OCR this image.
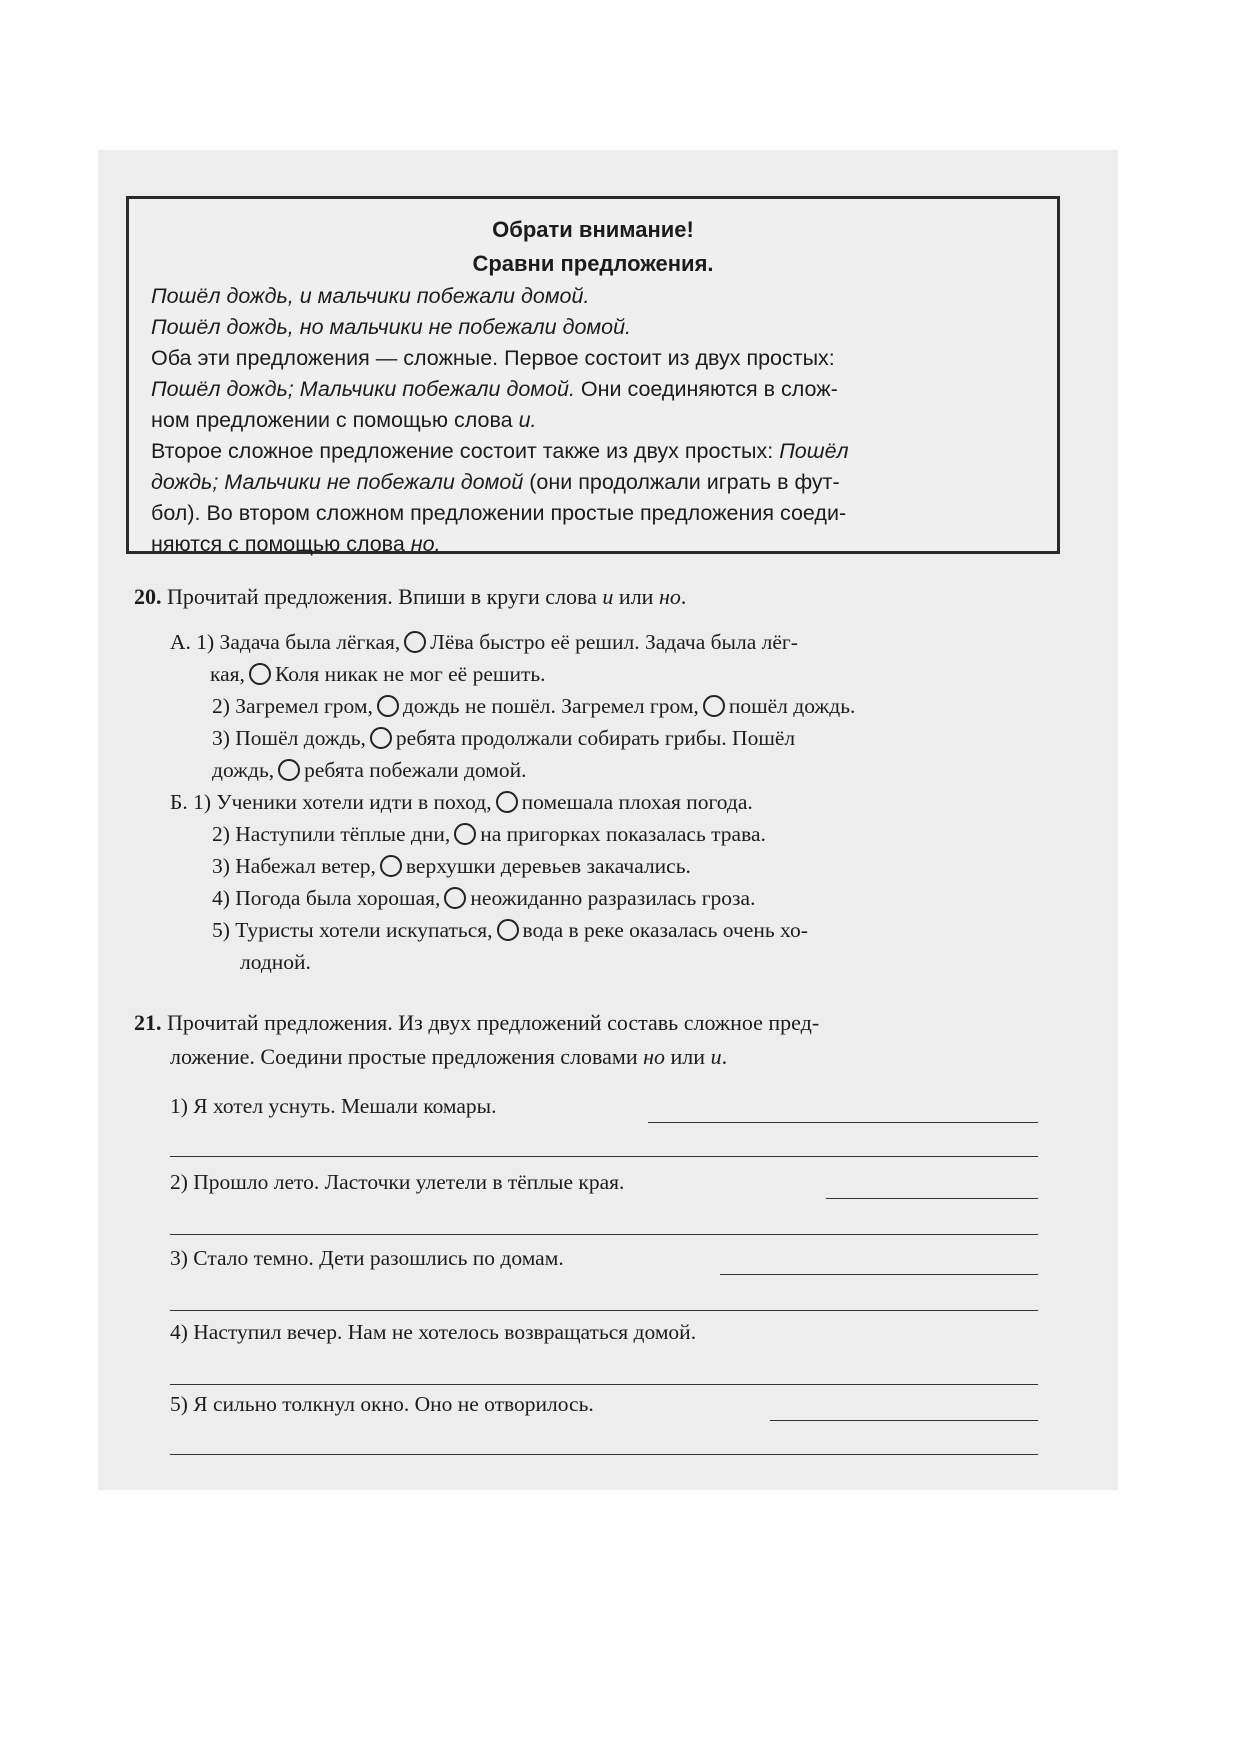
Обрати внимание!
Сравни предложения.

Пошёл дождь, и мальчики побежали домой.

Пошёл дождь, но мальчики не побежали домой.

Оба эти предложения — сложные. Первое состоит из двух простых:
Пошёл дождь; Мальчики побежали домой. Они соединяются в слож-
ном предложении с помощью слова и.

Второе сложное предложение состоит также из двух простых: Пошёл
дождь; Мальчики не побежали домой (они продолжали играть в фут-
бол). Во втором сложном предложении простые предложения соеди-
няются с помощью слова но.

20. Прочитай предложения. Впиши в круги слова и или но.
А. 1) Задача была лёгкая, Лёва быстро её решил. Задача была лёг-
кая, Коля никак не мог её решить.
2) Загремел гром, дождь не пошёл. Загремел гром, пошёл дождь.
3) Пошёл дождь, ребята продолжали собирать грибы. Пошёл
дождь, ребята побежали домой.
Б. 1) Ученики хотели идти в поход, помешала плохая погода.
2) Наступили тёплые дни, на пригорках показалась трава.
3) Набежал ветер, верхушки деревьев закачались.
4) Погода была хорошая, неожиданно разразилась гроза.
5) Туристы хотели искупаться, вода в реке оказалась очень хо-
лодной.
21. Прочитай предложения. Из двух предложений составь сложное пред-
ложение. Соедини простые предложения словами но или и.
1) Я хотел уснуть. Мешали комары.
2) Прошло лето. Ласточки улетели в тёплые края.
3) Стало темно. Дети разошлись по домам.
4) Наступил вечер. Нам не хотелось возвращаться домой.
5) Я сильно толкнул окно. Оно не отворилось.
